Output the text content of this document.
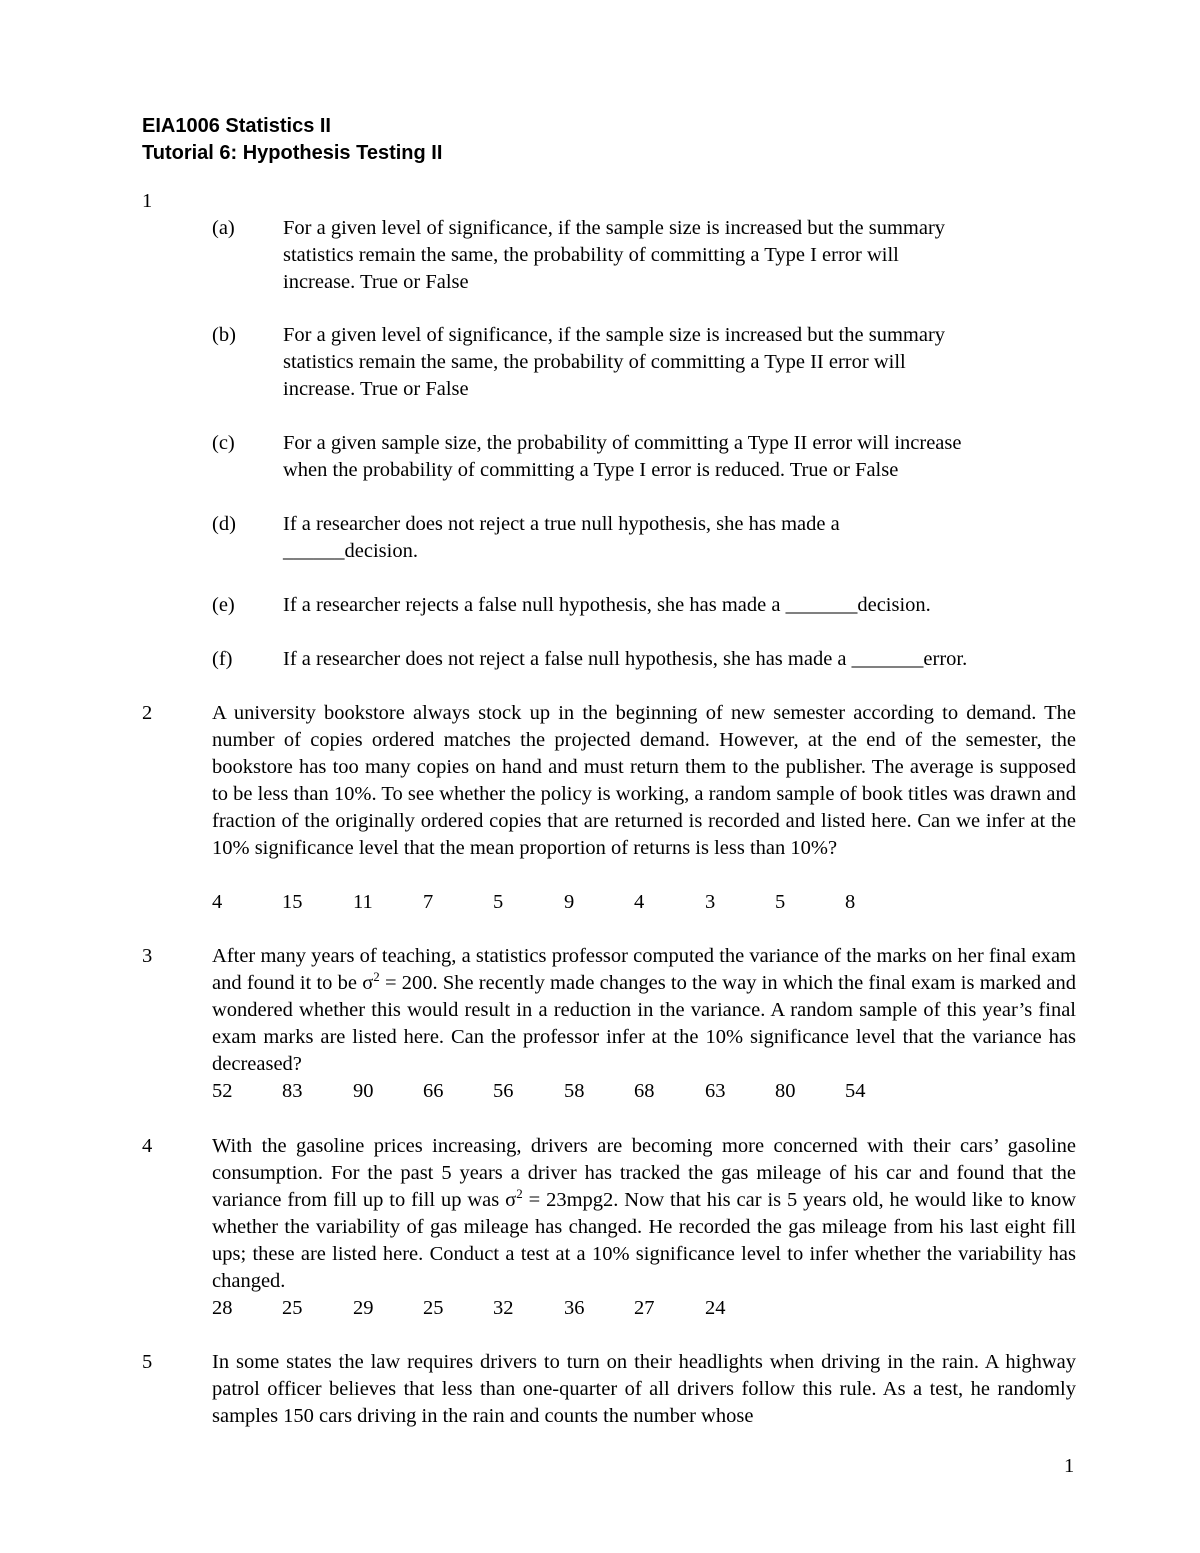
EIA1006 Statistics II
Tutorial 6: Hypothesis Testing II
1
(a) For a given level of significance, if the sample size is increased but the summary
statistics remain the same, the probability of committing a Type I error will
increase. True or False
(b) For a given level of significance, if the sample size is increased but the summary
statistics remain the same, the probability of committing a Type II error will
increase. True or False
(c) For a given sample size, the probability of committing a Type II error will increase
when the probability of committing a Type I error is reduced. True or False
(d) If a researcher does not reject a true null hypothesis, she has made a
______decision.
(e) If a researcher rejects a false null hypothesis, she has made a _______decision.
(f) If a researcher does not reject a false null hypothesis, she has made a _______error.
2	A university bookstore always stock up in the beginning of new semester according to demand. The number of copies ordered matches the projected demand. However, at the end of the semester, the bookstore has too many copies on hand and must return them to the publisher. The average is supposed to be less than 10%. To see whether the policy is working, a random sample of book titles was drawn and fraction of the originally ordered copies that are returned is recorded and listed here. Can we infer at the 10% significance level that the mean proportion of returns is less than 10%?
4	15 11 7	5	9	4	3	5	8
3	After many years of teaching, a statistics professor computed the variance of the marks on her final exam and found it to be $\sigma^2 = 200$. She recently made changes to the way in which the final exam is marked and wondered whether this would result in a reduction in the variance. A random sample of this year’s final exam marks are listed here. Can the professor infer at the 10% significance level that the variance has decreased?
52 83 90 66 56 58 68 63 80 54
4	With the gasoline prices increasing, drivers are becoming more concerned with their cars’ gasoline consumption. For the past 5 years a driver has tracked the gas mileage of his car and found that the variance from fill up to fill up was $\sigma^2 = 23mpg2$. Now that his car is 5 years old, he would like to know whether the variability of gas mileage has changed. He recorded the gas mileage from his last eight fill ups; these are listed here. Conduct a test at a 10% significance level to infer whether the variability has changed.
28 25 29 25 32 36 27 24
5	In some states the law requires drivers to turn on their headlights when driving in the rain. A highway patrol officer believes that less than one-quarter of all drivers follow this rule. As a test, he randomly samples 150 cars driving in the rain and counts the number whose
1
